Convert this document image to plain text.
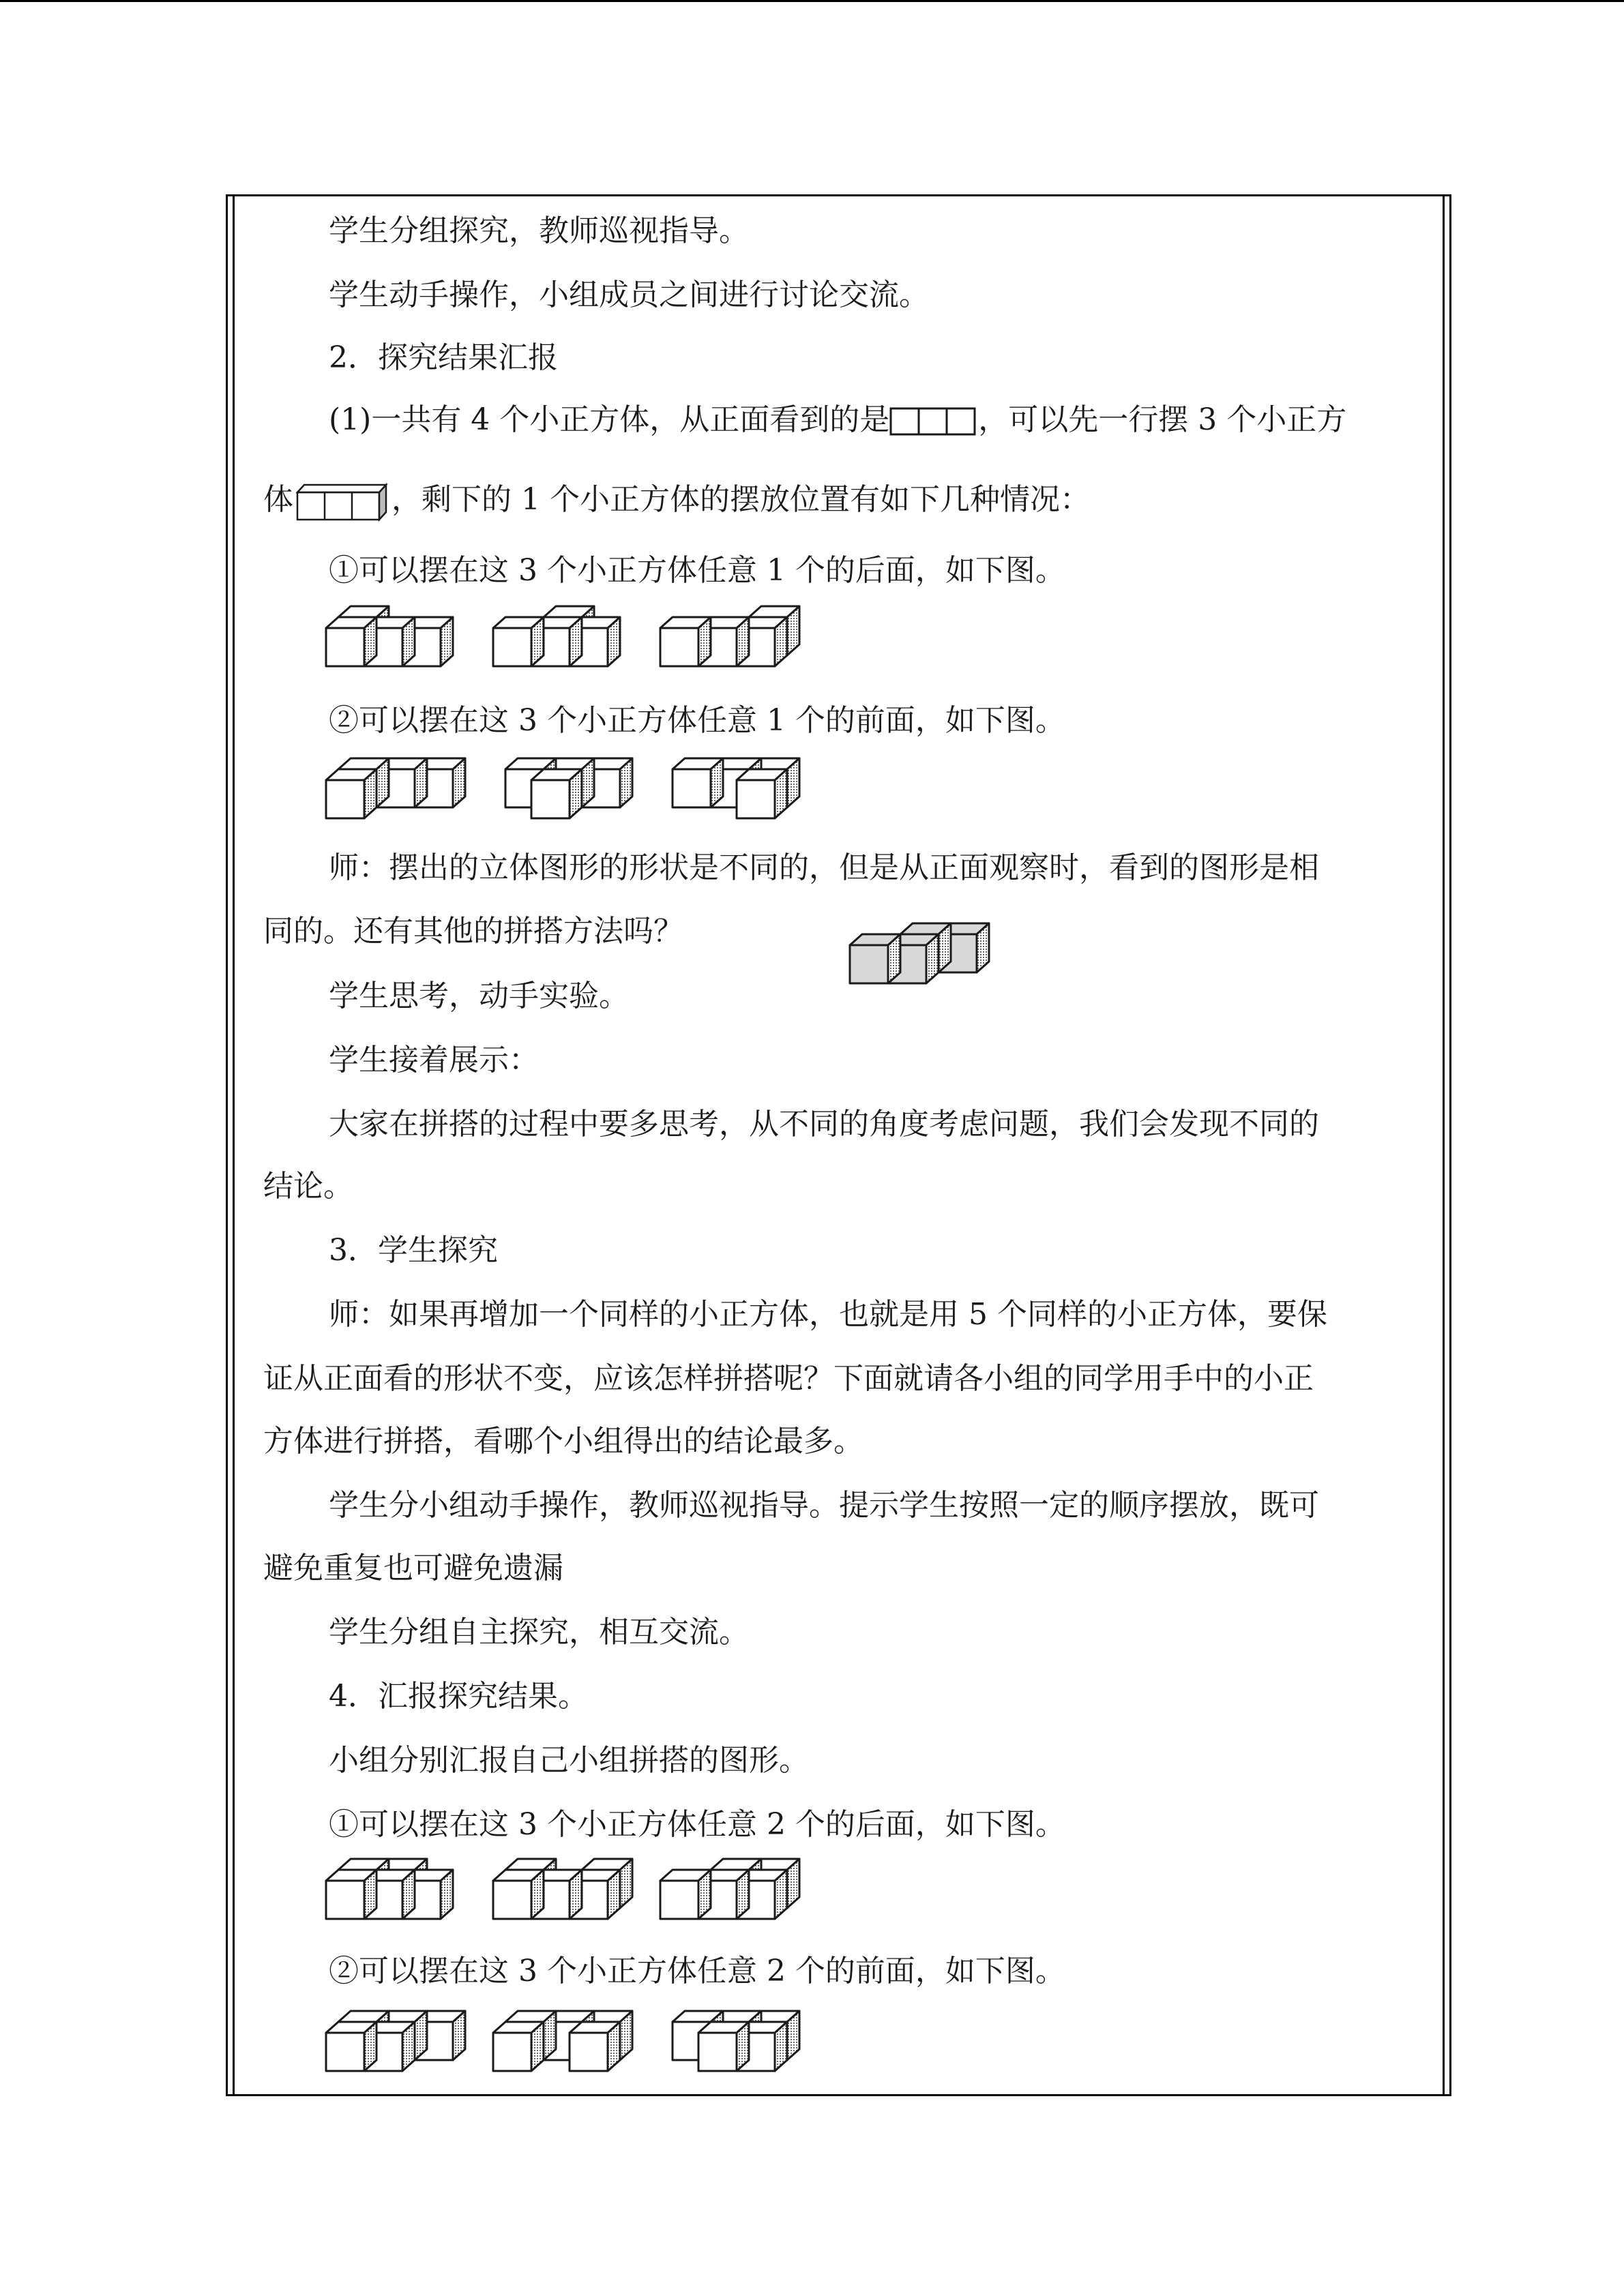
学生分组探究，教师巡视指导。
学生动手操作，小组成员之间进行讨论交流。
2．探究结果汇报
(1)一共有 4 个小正方体，从正面看到的是	，可以先一行摆 3 个小正方
体	，剩下的 1 个小正方体的摆放位置有如下几种情况：
①可以摆在这 3 个小正方体任意 1 个的后面，如下图。
②可以摆在这 3 个小正方体任意 1 个的前面，如下图。
师：摆出的立体图形的形状是不同的，但是从正面观察时，看到的图形是相
同的。还有其他的拼搭方法吗？
学生思考，动手实验。
学生接着展示：
大家在拼搭的过程中要多思考，从不同的角度考虑问题，我们会发现不同的
结论。
3．学生探究
师：如果再增加一个同样的小正方体，也就是用 5 个同样的小正方体，要保
证从正面看的形状不变，应该怎样拼搭呢？下面就请各小组的同学用手中的小正
方体进行拼搭，看哪个小组得出的结论最多。
学生分小组动手操作，教师巡视指导。提示学生按照一定的顺序摆放，既可
避免重复也可避免遗漏
学生分组自主探究，相互交流。
4．汇报探究结果。
小组分别汇报自己小组拼搭的图形。
①可以摆在这 3 个小正方体任意 2 个的后面，如下图。
②可以摆在这 3 个小正方体任意 2 个的前面，如下图。
